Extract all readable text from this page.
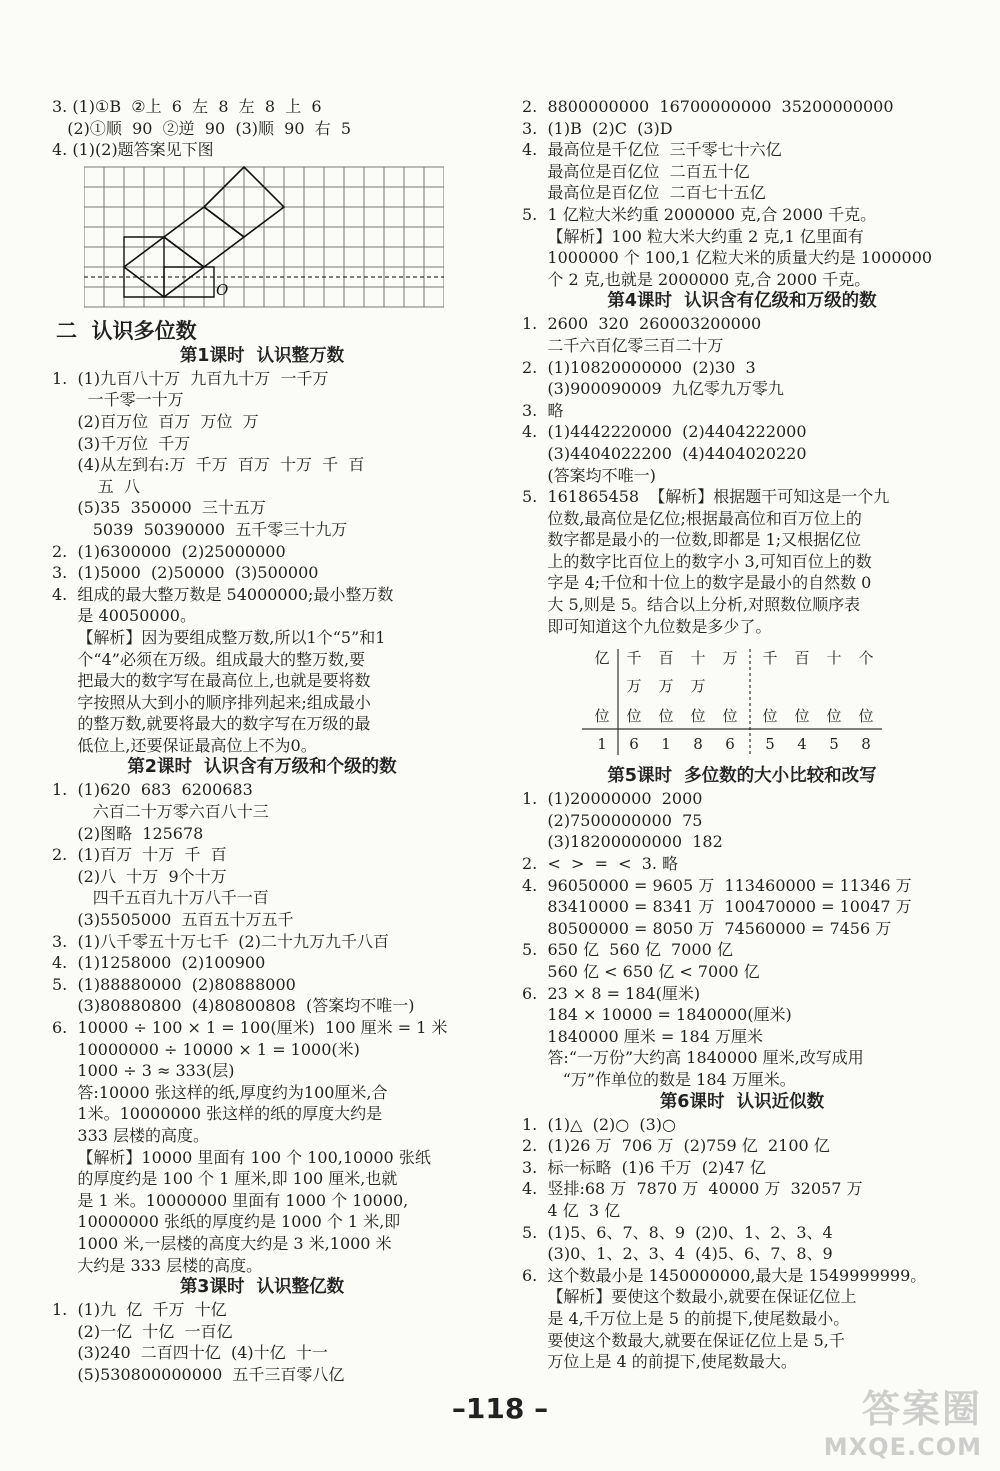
3. (1)①B  ②上  6  左  8  左  8  上  6
(2)①顺  90  ②逆  90  (3)顺  90  右  5
4. (1)(2)题答案见下图
O
二  认识多位数
第1课时  认识整万数
1.  (1)九百八十万  九百九十万  一千万
一千零一十万
(2)百万位  百万  万位  万
(3)千万位  千万
(4)从左到右:万  千万  百万  十万  千  百
五  八
(5)35  350000  三十五万
5039  50390000  五千零三十九万
2.  (1)6300000  (2)25000000
3.  (1)5000  (2)50000  (3)500000
4.  组成的最大整万数是 54000000;最小整万数
是 40050000。
【解析】因为要组成整万数,所以1个“5”和1
个“4”必须在万级。组成最大的整万数,要
把最大的数字写在最高位上,也就是要将数
字按照从大到小的顺序排列起来;组成最小
的整万数,就要将最大的数字写在万级的最
低位上,还要保证最高位上不为0。
第2课时  认识含有万级和个级的数
1.  (1)620  683  6200683
六百二十万零六百八十三
(2)图略  125678
2.  (1)百万  十万  千  百
(2)八  十万  9个十万
四千五百九十万八千一百
(3)5505000  五百五十万五千
3.  (1)八千零五十万七千  (2)二十九万九千八百
4.  (1)1258000  (2)100900
5.  (1)88880000  (2)80888000
(3)80880800  (4)80800808  (答案均不唯一)
6.  10000 ÷ 100 × 1 = 100(厘米)  100 厘米 = 1 米
10000000 ÷ 10000 × 1 = 1000(米)
1000 ÷ 3 ≈ 333(层)
答:10000 张这样的纸,厚度约为100厘米,合
1米。10000000 张这样的纸的厚度大约是
333 层楼的高度。
【解析】10000 里面有 100 个 100,10000 张纸
的厚度约是 100 个 1 厘米,即 100 厘米,也就
是 1 米。10000000 里面有 1000 个 10000,
10000000 张纸的厚度约是 1000 个 1 米,即
1000 米,一层楼的高度大约是 3 米,1000 米
大约是 333 层楼的高度。
第3课时  认识整亿数
1.  (1)九  亿  千万  十亿
(2)一亿  十亿  一百亿
(3)240  二百四十亿  (4)十亿  十一
(5)530800000000  五千三百零八亿
2.  8800000000  16700000000  35200000000
3.  (1)B  (2)C  (3)D
4.  最高位是千亿位  三千零七十六亿
最高位是百亿位  二百五十亿
最高位是百亿位  二百七十五亿
5.  1 亿粒大米约重 2000000 克,合 2000 千克。
【解析】100 粒大米大约重 2 克,1 亿里面有
1000000 个 100,1 亿粒大米的质量大约是 1000000
个 2 克,也就是 2000000 克,合 2000 千克。
第4课时  认识含有亿级和万级的数
1.  2600  320  260003200000
二千六百亿零三百二十万
2.  (1)10820000000  (2)30  3
(3)900090009  九亿零九万零九
3.  略
4.  (1)4442220000  (2)4404222000
(3)4404022200  (4)4404020220
(答案均不唯一)
5.  161865458  【解析】根据题干可知这是一个九
位数,最高位是亿位;根据最高位和百万位上的
数字都是最小的一位数,即都是 1;又根据亿位
上的数字比百位上的数字小 3,可知百位上的数
字是 4;千位和十位上的数字是最小的自然数 0
大 5,则是 5。结合以上分析,对照数位顺序表
即可知道这个九位数是多少了。
亿 千 百 十 万 千 百 十 个
万 万 万
位 位 位 位 位 位 位 位 位
1 6 1 8 6 5 4 5 8
第5课时  多位数的大小比较和改写
1.  (1)20000000  2000
(2)7500000000  75
(3)18200000000  182
2.  <  >  =  <  3. 略
4.  96050000 = 9605 万  113460000 = 11346 万
83410000 = 8341 万  100470000 = 10047 万
80500000 = 8050 万  74560000 = 7456 万
5.  650 亿  560 亿  7000 亿
560 亿 < 650 亿 < 7000 亿
6.  23 × 8 = 184(厘米)
184 × 10000 = 1840000(厘米)
1840000 厘米 = 184 万厘米
答:“一万份”大约高 1840000 厘米,改写成用
“万”作单位的数是 184 万厘米。
第6课时  认识近似数
1.  (1)△  (2)○  (3)○
2.  (1)26 万  706 万  (2)759 亿  2100 亿
3.  标一标略  (1)6 千万  (2)47 亿
4.  竖排:68 万  7870 万  40000 万  32057 万
4 亿  3 亿
5.  (1)5、6、7、8、9  (2)0、1、2、3、4
(3)0、1、2、3、4  (4)5、6、7、8、9
6.  这个数最小是 1450000000,最大是 1549999999。
【解析】要使这个数最小,就要在保证亿位上
是 4,千万位上是 5 的前提下,使尾数最小。
要使这个数最大,就要在保证亿位上是 5,千
万位上是 4 的前提下,使尾数最大。
–118 –	答案圈
MXQE.COM
